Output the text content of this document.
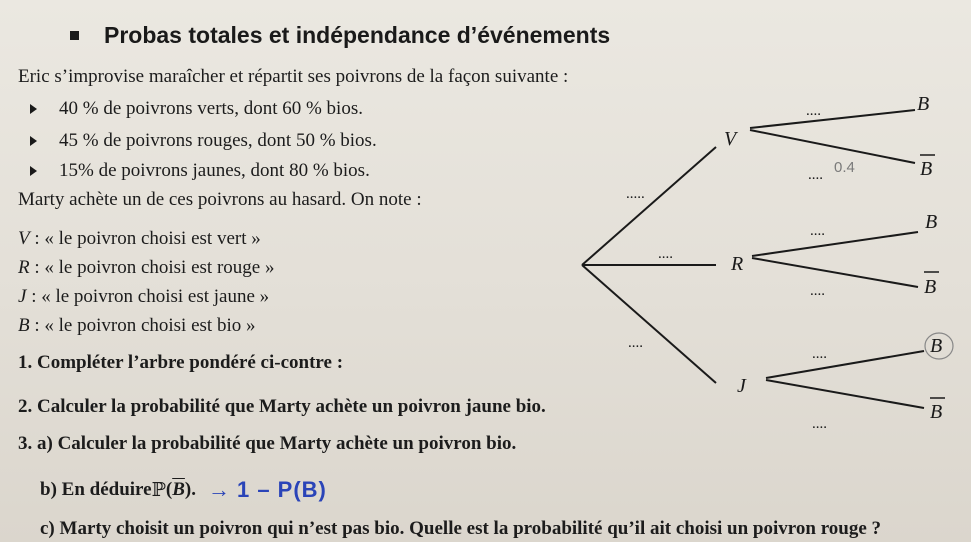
Probas totales et indépendance d’événements
Eric s’improvise maraîcher et répartit ses poivrons de la façon suivante :
40 % de poivrons verts, dont 60 % bios.
45 % de poivrons rouges, dont 50 % bios.
15% de poivrons jaunes, dont 80 % bios.
Marty achète un de ces poivrons au hasard. On note :
V : « le poivron choisi est vert »
R : « le poivron choisi est rouge »
J : « le poivron choisi est jaune »
B : « le poivron choisi est bio »
1. Compléter l’arbre pondéré ci-contre :
2. Calculer la probabilité que Marty achète un poivron jaune bio.
3. a) Calculer la probabilité que Marty achète un poivron bio.
b) En déduire ℙ ( $\overline{B}$ ). → 1 – P(B)
c) Marty choisit un poivron qui n’est pas bio. Quelle est la probabilité qu’il ait choisi un poivron rouge ?
V
R
J
B
B
B
B
B
B
.....
....
....
....
.... 0.4
....
....
....
....
